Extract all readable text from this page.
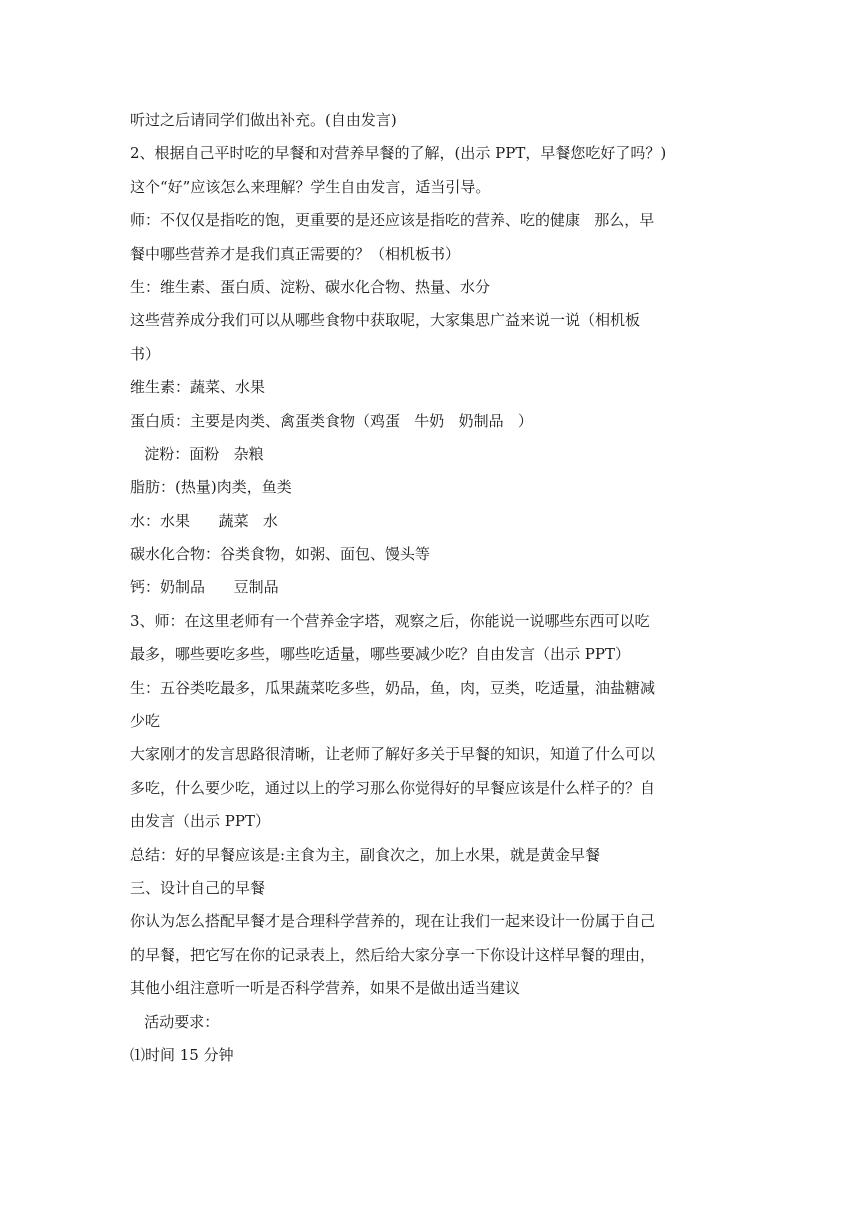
听过之后请同学们做出补充。(自由发言)
2、根据自己平时吃的早餐和对营养早餐的了解，(出示 PPT，早餐您吃好了吗？)
这个“好”应该怎么来理解？学生自由发言，适当引导。
师：不仅仅是指吃的饱，更重要的是还应该是指吃的营养、吃的健康   那么，早
餐中哪些营养才是我们真正需要的？（相机板书）
生：维生素、蛋白质、淀粉、碳水化合物、热量、水分
这些营养成分我们可以从哪些食物中获取呢，大家集思广益来说一说（相机板
书）
维生素：蔬菜、水果
蛋白质：主要是肉类、禽蛋类食物（鸡蛋   牛奶   奶制品   ）
淀粉：面粉   杂粮
脂肪：(热量)肉类，鱼类
水：水果      蔬菜   水
碳水化合物：谷类食物，如粥、面包、馒头等
钙：奶制品      豆制品
3、师：在这里老师有一个营养金字塔，观察之后，你能说一说哪些东西可以吃
最多，哪些要吃多些，哪些吃适量，哪些要减少吃？自由发言（出示 PPT）
生：五谷类吃最多，瓜果蔬菜吃多些，奶品，鱼，肉，豆类，吃适量，油盐糖减
少吃
大家刚才的发言思路很清晰，让老师了解好多关于早餐的知识，知道了什么可以
多吃，什么要少吃，通过以上的学习那么你觉得好的早餐应该是什么样子的？自
由发言（出示 PPT）
总结：好的早餐应该是:主食为主，副食次之，加上水果，就是黄金早餐
三、设计自己的早餐
你认为怎么搭配早餐才是合理科学营养的，现在让我们一起来设计一份属于自己
的早餐，把它写在你的记录表上，然后给大家分享一下你设计这样早餐的理由，
其他小组注意听一听是否科学营养，如果不是做出适当建议
活动要求：
⑴时间 15 分钟
